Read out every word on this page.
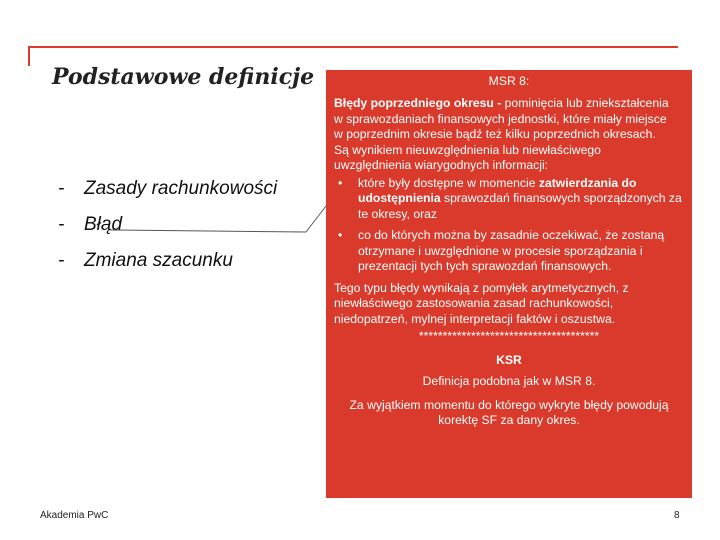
Podstawowe definicje
- Zasady rachunkowości
- Błąd
- Zmiana szacunku
MSR 8:
Błędy poprzedniego okresu - pominięcia lub zniekształcenia w sprawozdaniach finansowych jednostki, które miały miejsce w poprzednim okresie bądź też kilku poprzednich okresach. Są wynikiem nieuwzględnienia lub niewłaściwego uwzględnienia wiarygodnych informacji:
• które były dostępne w momencie zatwierdzania do udostępnienia sprawozdań finansowych sporządzonych za te okresy, oraz
• co do których można by zasadnie oczekiwać, że zostaną otrzymane i uwzględnione w procesie sporządzania i prezentacji tych tych sprawozdań finansowych.
Tego typu błędy wynikają z pomyłek arytmetycznych, z niewłaściwego zastosowania zasad rachunkowości, niedopatrzeń, mylnej interpretacji faktów i oszustwa.
**************************************
KSR
Definicja podobna jak w MSR 8.
Za wyjątkiem momentu do którego wykryte błędy powodują korektę SF za dany okres.
Akademia PwC	8
